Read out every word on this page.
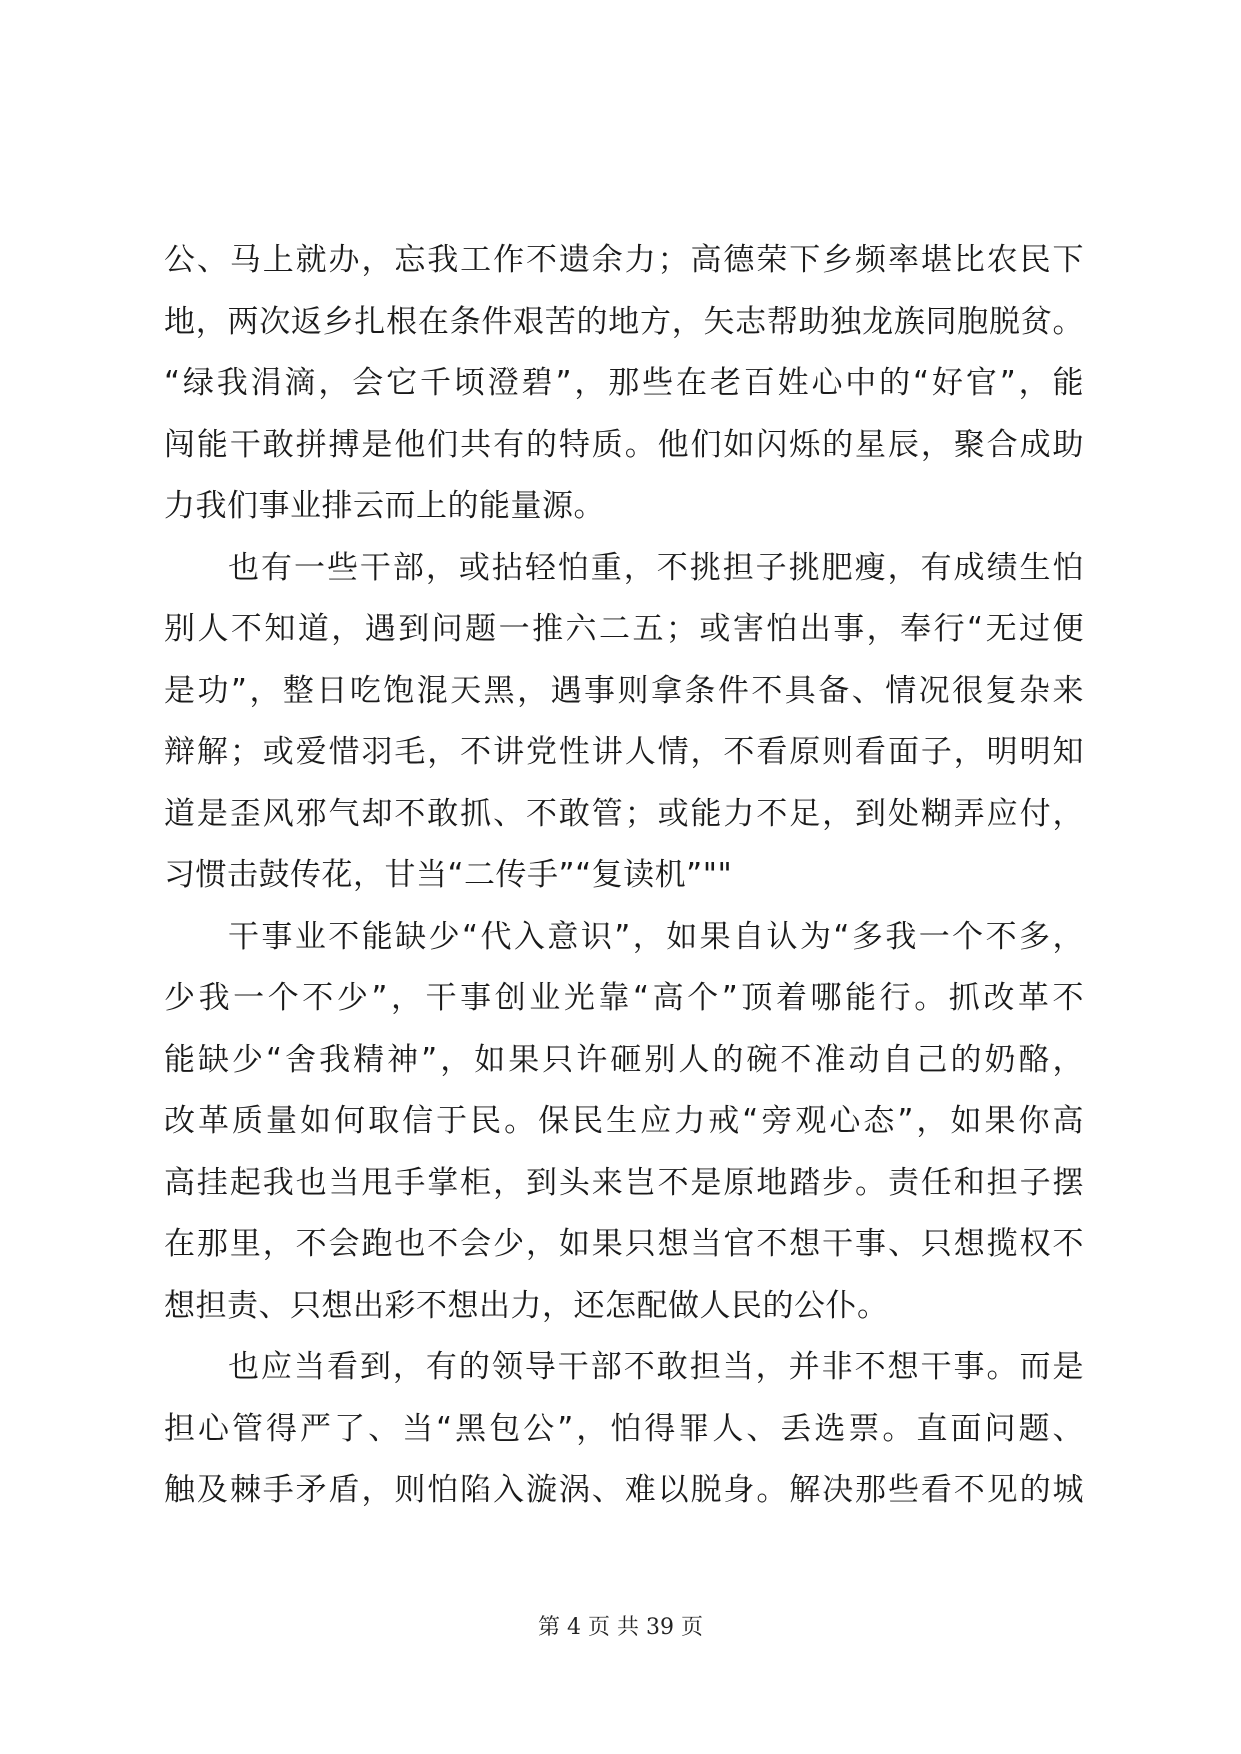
公、马上就办，忘我工作不遗余力；高德荣下乡频率堪比农民下
地，两次返乡扎根在条件艰苦的地方，矢志帮助独龙族同胞脱贫。
“绿我涓滴，会它千顷澄碧”，那些在老百姓心中的“好官”，能
闯能干敢拼搏是他们共有的特质。他们如闪烁的星辰，聚合成助
力我们事业排云而上的能量源。
也有一些干部，或拈轻怕重，不挑担子挑肥瘦，有成绩生怕
别人不知道，遇到问题一推六二五；或害怕出事，奉行“无过便
是功”，整日吃饱混天黑，遇事则拿条件不具备、情况很复杂来
辩解；或爱惜羽毛，不讲党性讲人情，不看原则看面子，明明知
道是歪风邪气却不敢抓、不敢管；或能力不足，到处糊弄应付，
习惯击鼓传花，甘当“二传手”“复读机”""
干事业不能缺少“代入意识”，如果自认为“多我一个不多，
少我一个不少”，干事创业光靠“高个”顶着哪能行。抓改革不
能缺少“舍我精神”，如果只许砸别人的碗不准动自己的奶酪，
改革质量如何取信于民。保民生应力戒“旁观心态”，如果你高
高挂起我也当甩手掌柜，到头来岂不是原地踏步。责任和担子摆
在那里，不会跑也不会少，如果只想当官不想干事、只想揽权不
想担责、只想出彩不想出力，还怎配做人民的公仆。
也应当看到，有的领导干部不敢担当，并非不想干事。而是
担心管得严了、当“黑包公”，怕得罪人、丢选票。直面问题、
触及棘手矛盾，则怕陷入漩涡、难以脱身。解决那些看不见的城
第 4 页 共 39 页
